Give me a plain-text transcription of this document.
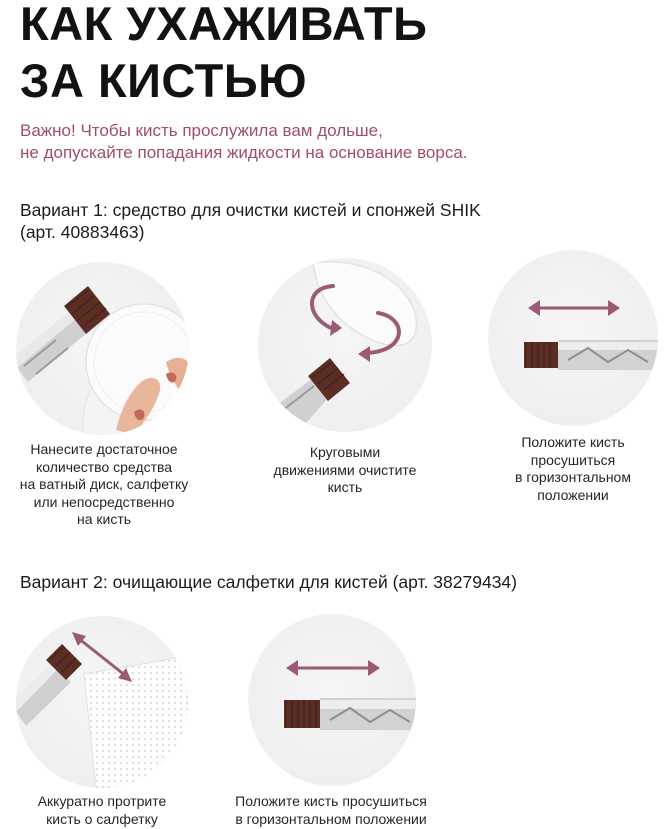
КАК УХАЖИВАТЬ
ЗА КИСТЬЮ
Важно! Чтобы кисть прослужила вам дольше,
не допускайте попадания жидкости на основание ворса.
Вариант 1: средство для очистки кистей и спонжей SHIK
(арт. 40883463)
Нанесите достаточное
количество средства
на ватный диск, салфетку
или непосредственно
на кисть
Круговыми
движениями очистите
кисть
Положите кисть
просушиться
в горизонтальном
положении
Вариант 2: очищающие салфетки для кистей (арт. 38279434)
Аккуратно протрите
кисть о салфетку
Положите кисть просушиться
в горизонтальном положении
